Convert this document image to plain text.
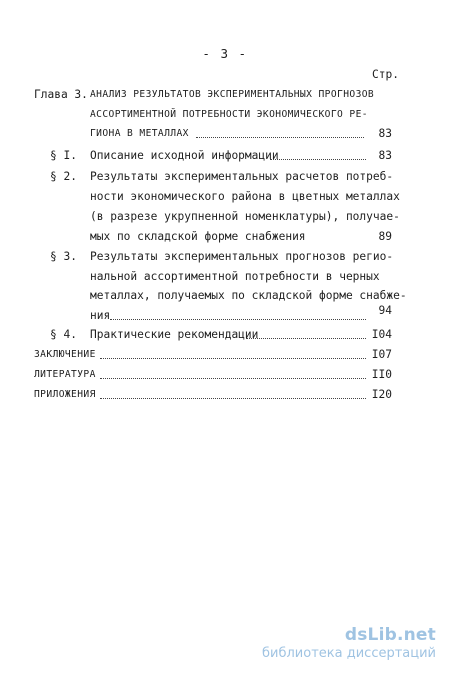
- 3 -
Стр.
Глава 3. АНАЛИЗ РЕЗУЛЬТАТОВ ЭКСПЕРИМЕНТАЛЬНЫХ ПРОГНОЗОВ
АССОРТИМЕНТНОЙ ПОТРЕБНОСТИ ЭКОНОМИЧЕСКОГО РЕ-
ГИОНА В МЕТАЛЛАХ	83
§ I. Описание исходной информации	83
§ 2. Результаты экспериментальных расчетов потреб-
ности экономического района в цветных металлах
(в разрезе укрупненной номенклатуры), получае-
мых по складской форме снабжения	89
§ 3. Результаты экспериментальных прогнозов регио-
нальной ассортиментной потребности в черных
металлах, получаемых по складской форме снабже-
ния	94
§ 4. Практические рекомендации	I04
ЗАКЛЮЧЕНИЕ	I07
ЛИТЕРАТУРА	II0
ПРИЛОЖЕНИЯ	I20
dsLib.net
библиотека диссертаций
